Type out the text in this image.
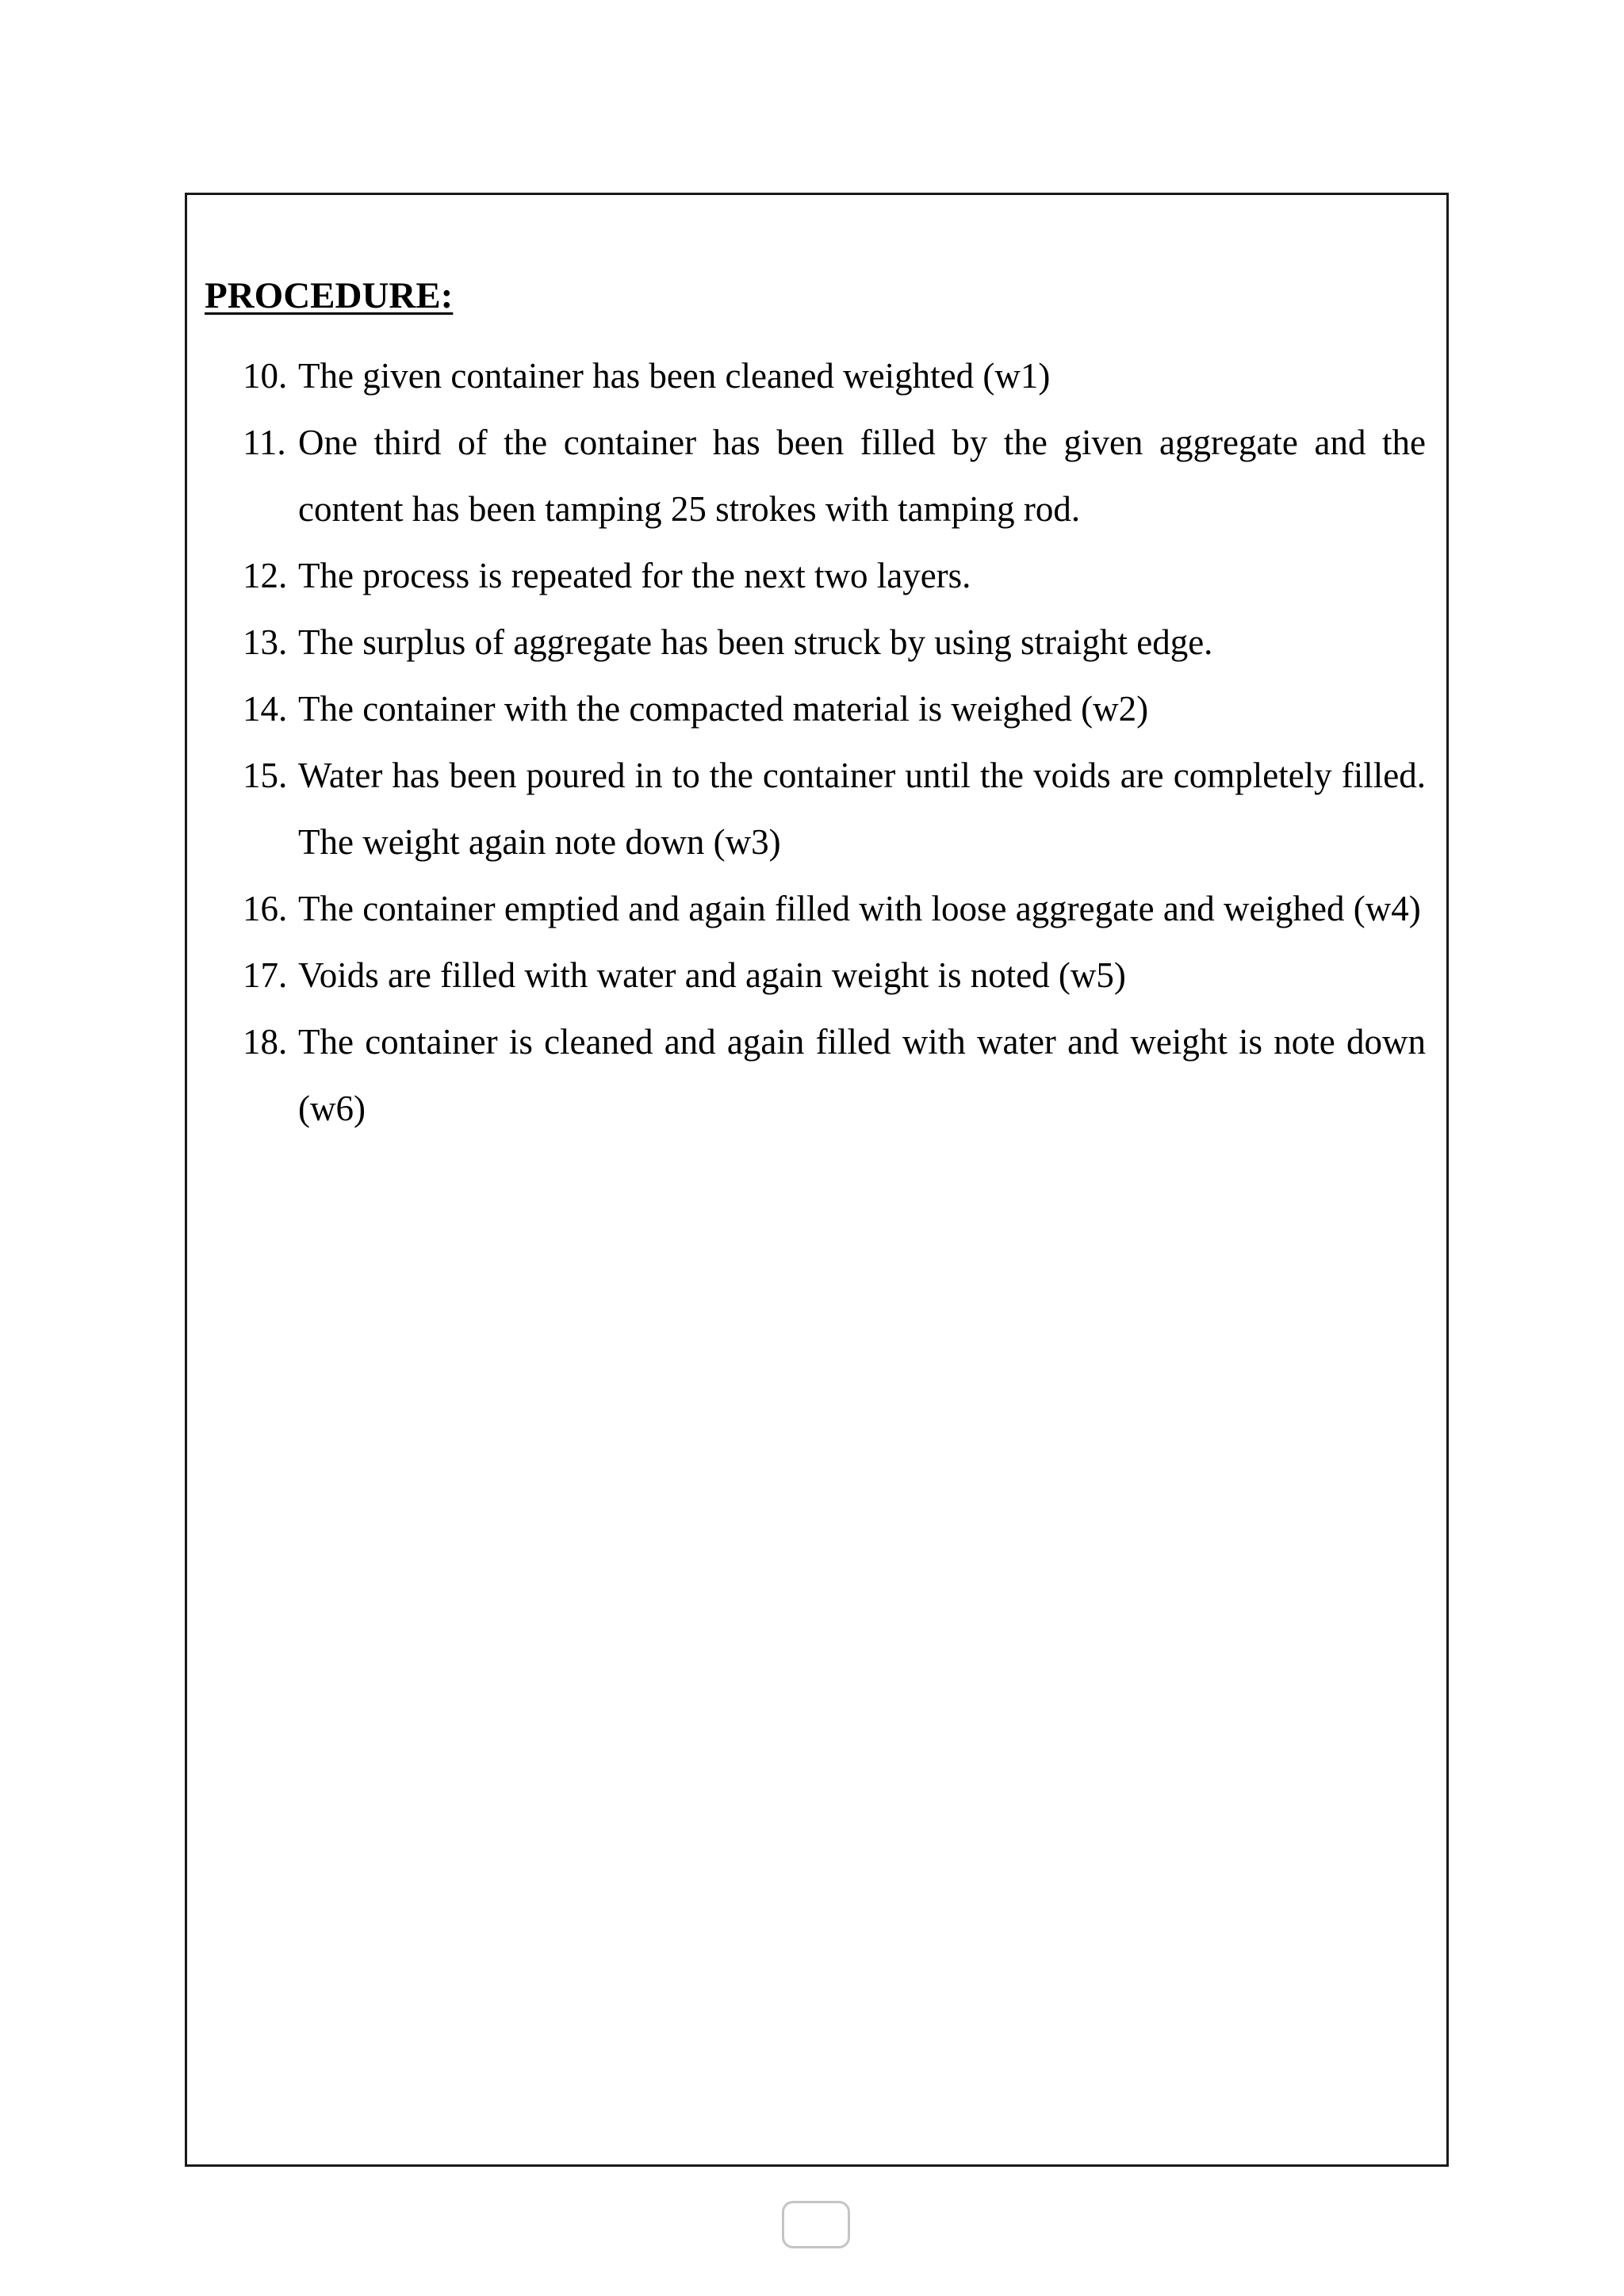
PROCEDURE:
10. The given container has been cleaned weighted (w1)
11. One third of the container has been filled by the given aggregate and the content has been tamping 25 strokes with tamping rod.
12. The process is repeated for the next two layers.
13. The surplus of aggregate has been struck by using straight edge.
14. The container with the compacted material is weighed (w2)
15. Water has been poured in to the container until the voids are completely filled. The weight again note down (w3)
16. The container emptied and again filled with loose aggregate and weighed (w4)
17. Voids are filled with water and again weight is noted (w5)
18. The container is cleaned and again filled with water and weight is note down (w6)
